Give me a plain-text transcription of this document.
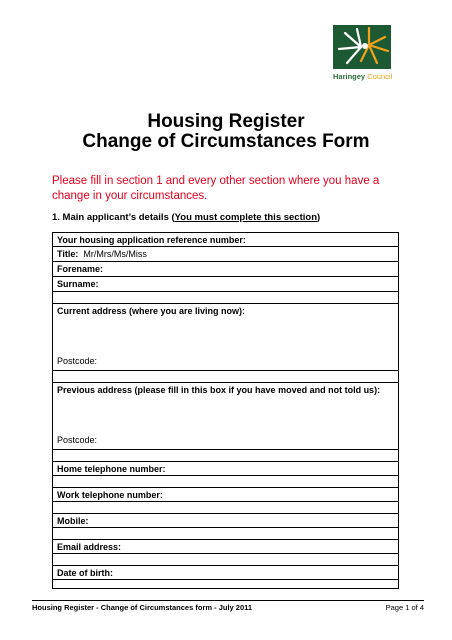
Haringey Council
Housing Register
Change of Circumstances Form
Please fill in section 1 and every other section where you have a change in your circumstances.
1. Main applicant’s details (You must complete this section)
Your housing application reference number:
Title: Mr/Mrs/Ms/Miss
Forename:
Surname:
Current address (where you are living now):
Postcode:
Previous address (please fill in this box if you have moved and not told us):
Postcode:
Home telephone number:
Work telephone number:
Mobile:
Email address:
Date of birth:
Housing Register - Change of Circumstances form - July 2011	Page 1 of 4
